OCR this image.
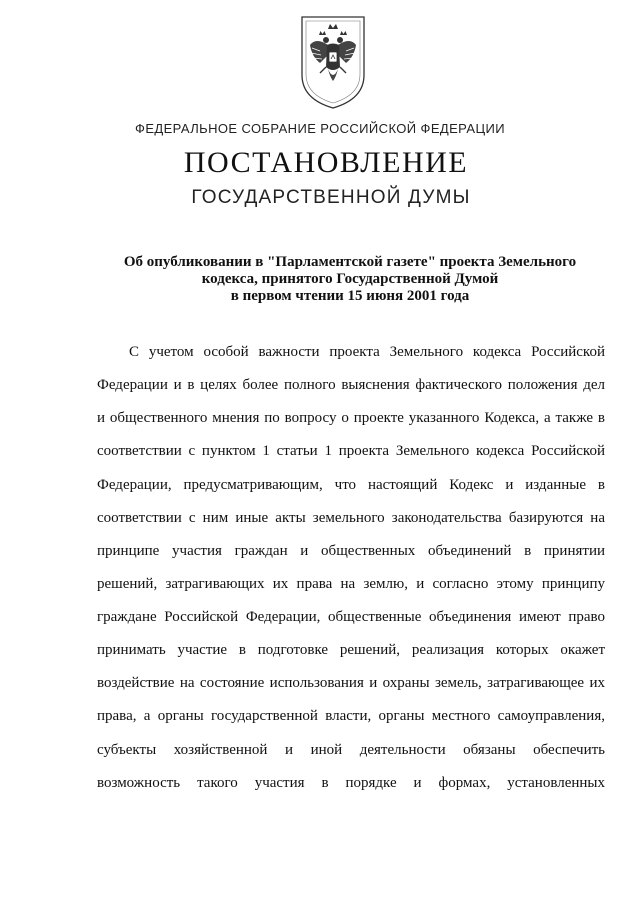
ФЕДЕРАЛЬНОЕ СОБРАНИЕ РОССИЙСКОЙ ФЕДЕРАЦИИ
ПОСТАНОВЛЕНИЕ
ГОСУДАРСТВЕННОЙ ДУМЫ
Об опубликовании в "Парламентской газете" проекта Земельного
кодекса, принятого Государственной Думой
в первом чтении 15 июня 2001 года
С учетом особой важности проекта Земельного кодекса Российской
Федерации и в целях более полного выяснения фактического положения дел
и общественного мнения по вопросу о проекте указанного Кодекса, а также в
соответствии с пунктом 1 статьи 1 проекта Земельного кодекса Российской
Федерации, предусматривающим, что настоящий Кодекс и изданные в
соответствии с ним иные акты земельного законодательства базируются на
принципе участия граждан и общественных объединений в принятии
решений, затрагивающих их права на землю, и согласно этому принципу
граждане Российской Федерации, общественные объединения имеют право
принимать участие в подготовке решений, реализация которых окажет
воздействие на состояние использования и охраны земель, затрагивающее их
права, а органы государственной власти, органы местного самоуправления,
субъекты хозяйственной и иной деятельности обязаны обеспечить
возможность такого участия в порядке и формах, установленных
